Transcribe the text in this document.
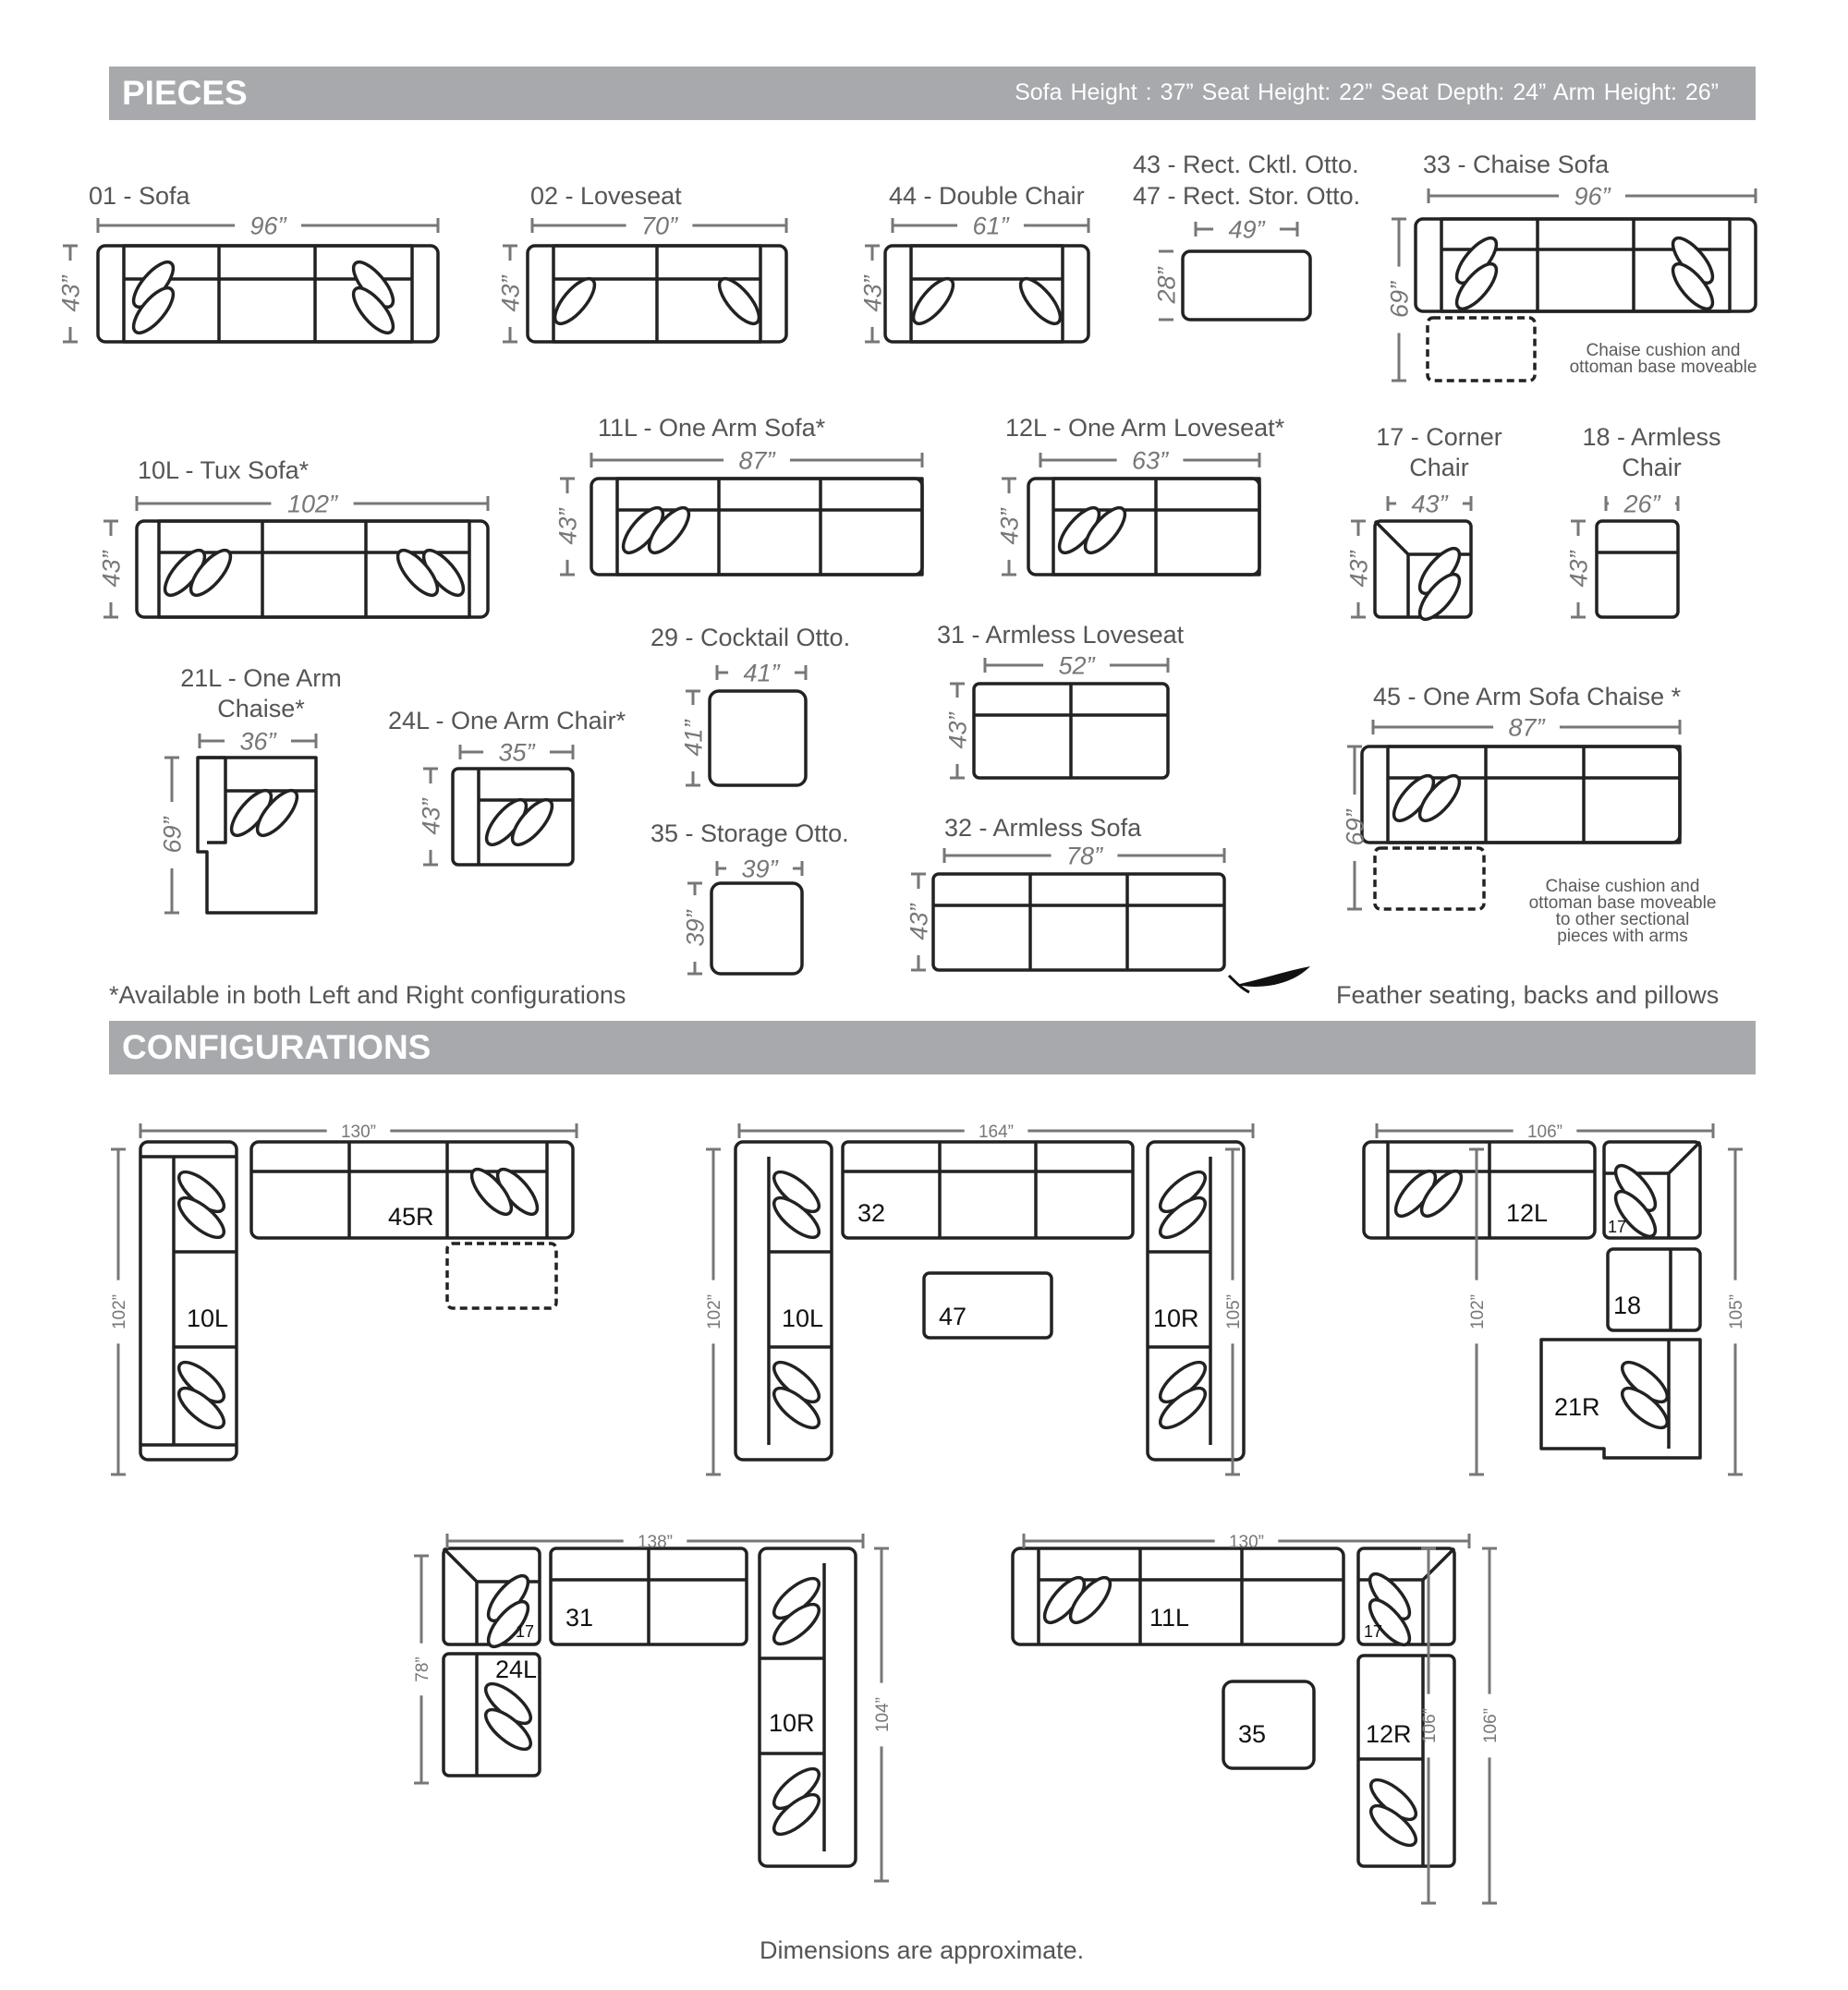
PIECES	Sofa Height : 37” Seat Height: 22” Seat Depth: 24” Arm Height: 26”
CONFIGURATIONS
01 - Sofa	02 - Loveseat	44 - Double Chair
43 - Rect. Cktl. Otto.
47 - Rect. Stor. Otto.
33 - Chaise Sofa
10L - Tux Sofa*
11L - One Arm Sofa*	12L - One Arm Loveseat*	17 - Corner
Chair
18 - Armless
Chair
21L - One Arm
Chaise*	24L - One Arm Chair*
29 - Cocktail Otto.
35 - Storage Otto.
31 - Armless Loveseat
32 - Armless Sofa
45 - One Arm Sofa Chaise *
Chaise cushion and
ottoman base moveable
Chaise cushion and
ottoman base moveable
to other sectional
pieces with arms
*Available in both Left and Right configurations	Feather seating, backs and pillows
Dimensions are approximate.
45R
10L
32
10L	47	10R
12L	17
18
21R
17 31
24L
10R
11L	17
35	12R
96”
43”
70”
43”
61”
43”
49”
28”
96”
69”
102”
43”
87”
43”
63”
43”
43”
43”
26”
43”
36”
69”
35”
43”
41”
41”
39”
39”
52”
43”
78”
43”
87”
69”
130”
102”
164”
102”
106”
105”
138”
78”
130”
106”
105”
102”
104”	106”
